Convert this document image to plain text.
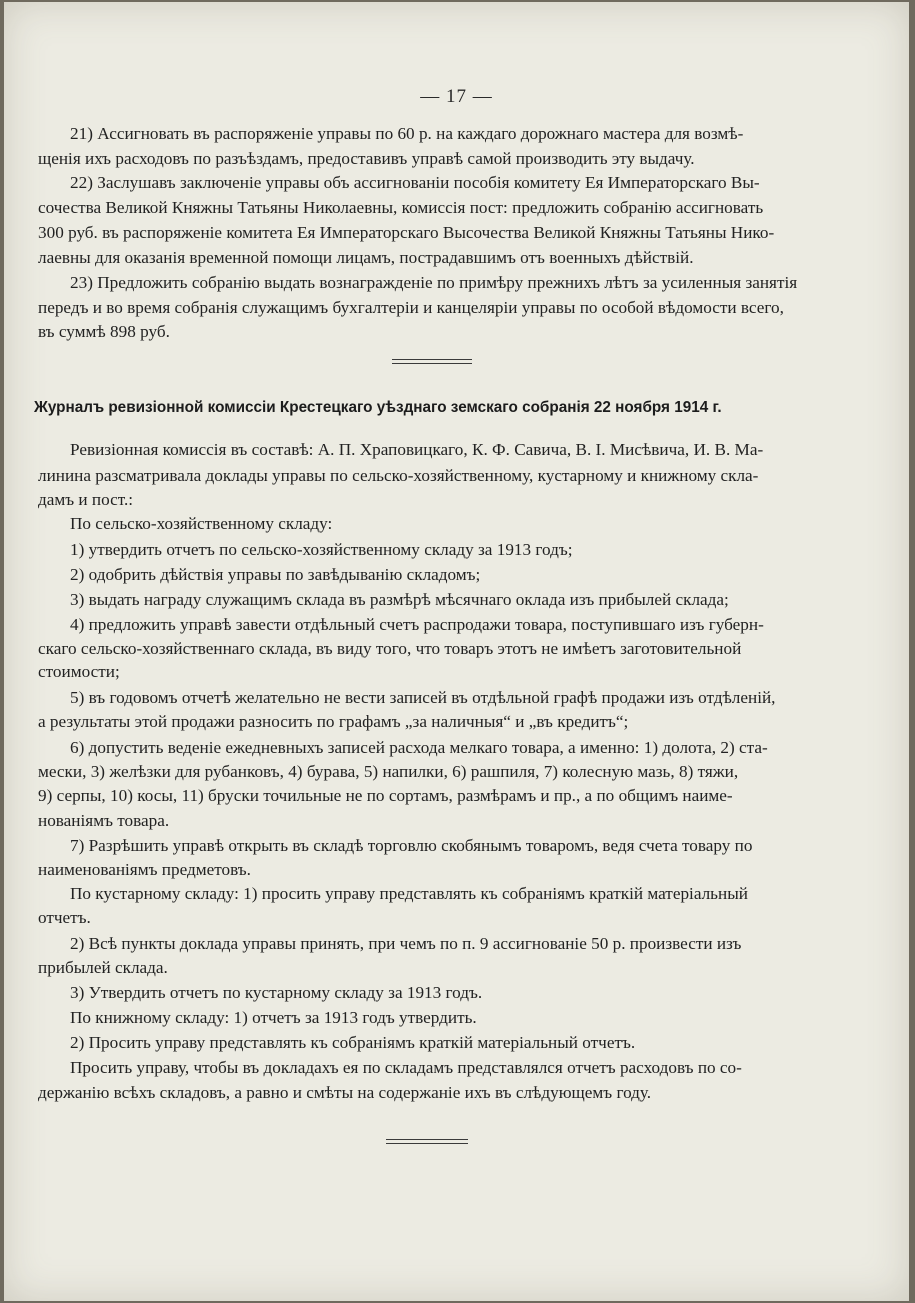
— 17 —
21) Ассигновать въ распоряженіе управы по 60 р. на каждаго дорожнаго мастера для возмѣ-
щенія ихъ расходовъ по разъѣздамъ, предоставивъ управѣ самой производить эту выдачу.
22) Заслушавъ заключеніе управы объ ассигнованіи пособія комитету Ея Императорскаго Вы-
сочества Великой Княжны Татьяны Николаевны, комиссія пост: предложить собранію ассигновать
300 руб. въ распоряженіе комитета Ея Императорскаго Высочества Великой Княжны Татьяны Нико-
лаевны для оказанія временной помощи лицамъ, пострадавшимъ отъ военныхъ дѣйствій.
23) Предложить собранію выдать вознагражденіе по примѣру прежнихъ лѣтъ за усиленныя занятія
передъ и во время собранія служащимъ бухгалтеріи и канцеляріи управы по особой вѣдомости всего,
въ суммѣ 898 руб.
Журналъ ревизіонной комиссіи Крестецкаго уѣзднаго земскаго собранія 22 ноября 1914 г.
Ревизіонная комиссія въ составѣ: А. П. Храповицкаго, К. Ф. Савича, В. І. Мисѣвича, И. В. Ма-
линина разсматривала доклады управы по сельско-хозяйственному, кустарному и книжному скла-
дамъ и пост.:
По сельско-хозяйственному складу:
1) утвердить отчетъ по сельско-хозяйственному складу за 1913 годъ;
2) одобрить дѣйствія управы по завѣдыванію складомъ;
3) выдать награду служащимъ склада въ размѣрѣ мѣсячнаго оклада изъ прибылей склада;
4) предложить управѣ завести отдѣльный счетъ распродажи товара, поступившаго изъ губерн-
скаго сельско-хозяйственнаго склада, въ виду того, что товаръ этотъ не имѣетъ заготовительной
стоимости;
5) въ годовомъ отчетѣ желательно не вести записей въ отдѣльной графѣ продажи изъ отдѣленій,
а результаты этой продажи разносить по графамъ „за наличныя“ и „въ кредитъ“;
6) допустить веденіе ежедневныхъ записей расхода мелкаго товара, а именно: 1) долота, 2) ста-
мески, 3) желѣзки для рубанковъ, 4) бурава, 5) напилки, 6) рашпиля, 7) колесную мазь, 8) тяжи,
9) серпы, 10) косы, 11) бруски точильные не по сортамъ, размѣрамъ и пр., а по общимъ наиме-
нованіямъ товара.
7) Разрѣшить управѣ открыть въ складѣ торговлю скобянымъ товаромъ, ведя счета товару по
наименованіямъ предметовъ.
По кустарному складу: 1) просить управу представлять къ собраніямъ краткій матеріальный
отчетъ.
2) Всѣ пункты доклада управы принять, при чемъ по п. 9 ассигнованіе 50 р. произвести изъ
прибылей склада.
3) Утвердить отчетъ по кустарному складу за 1913 годъ.
По книжному складу: 1) отчетъ за 1913 годъ утвердить.
2) Просить управу представлять къ собраніямъ краткій матеріальный отчетъ.
Просить управу, чтобы въ докладахъ ея по складамъ представлялся отчетъ расходовъ по со-
держанію всѣхъ складовъ, а равно и смѣты на содержаніе ихъ въ слѣдующемъ году.
